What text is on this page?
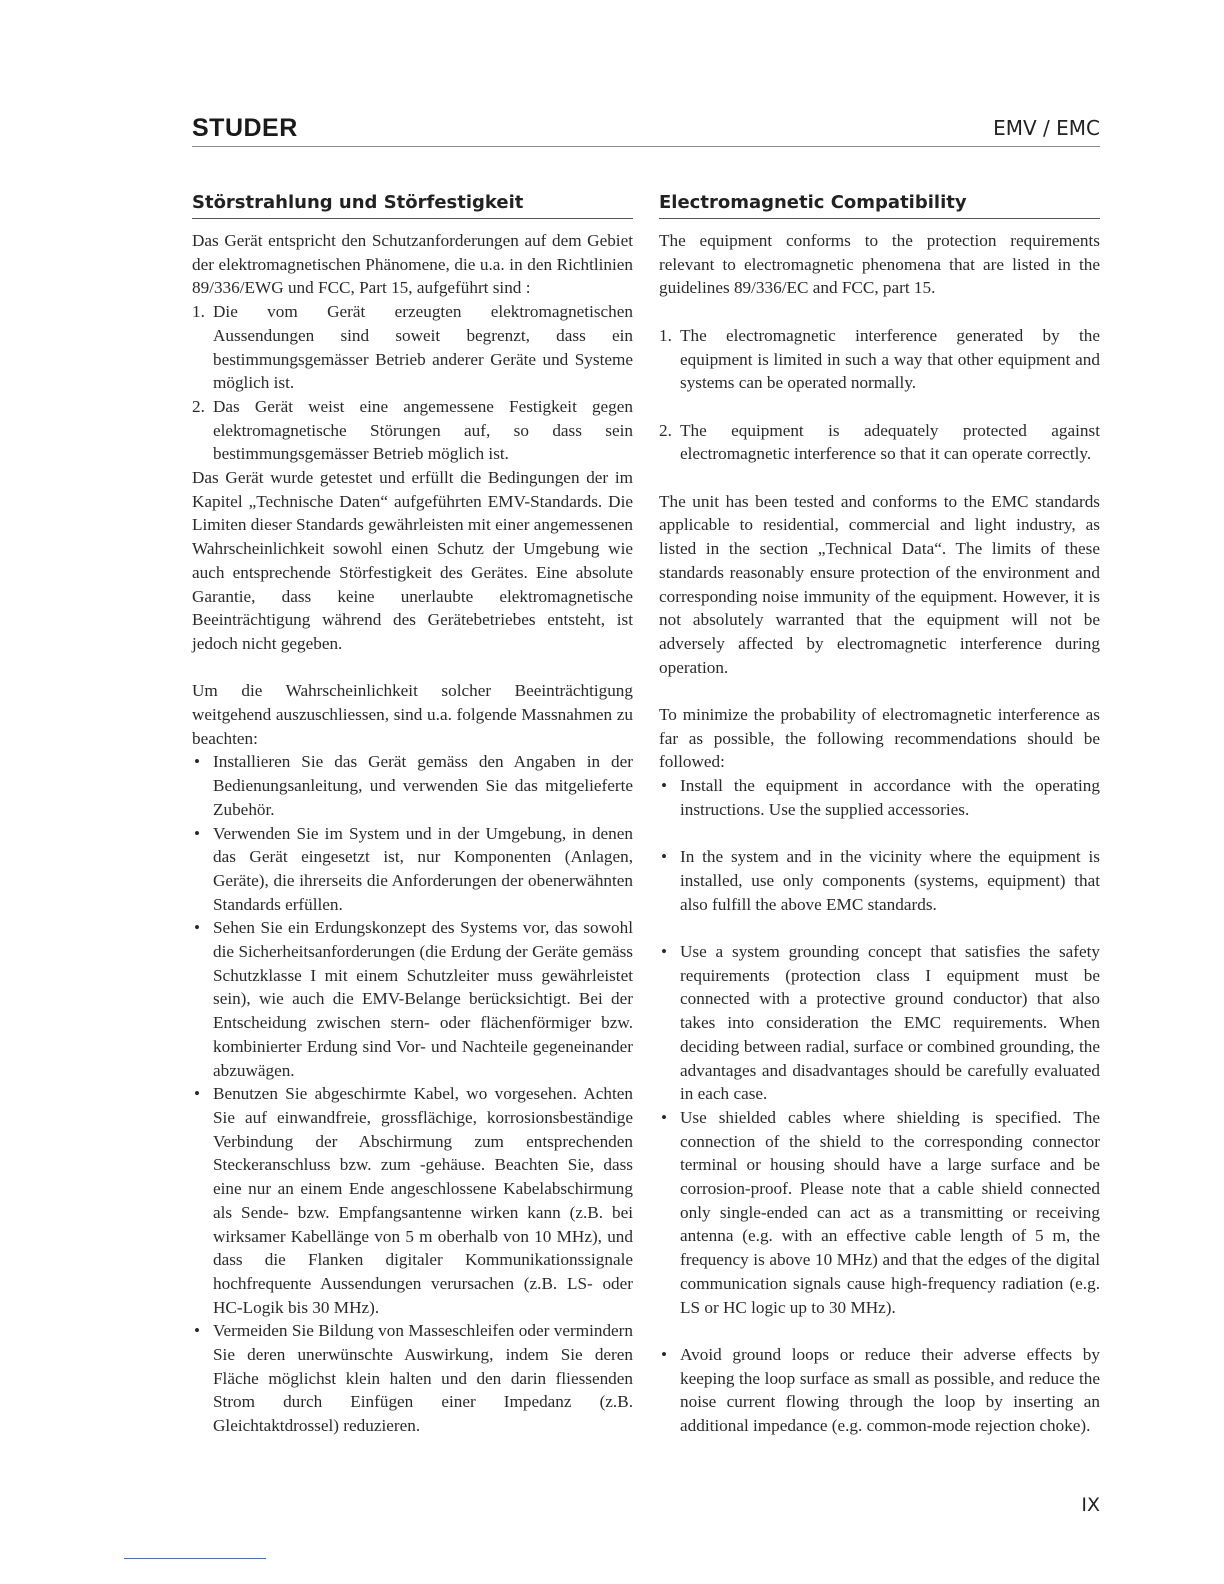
STUDER	EMV / EMC
Störstrahlung und Störfestigkeit

Das Gerät entspricht den Schutzanforderungen auf dem Gebiet der elektromagnetischen Phänomene, die u.a. in den Richtlinien 89/336/EWG und FCC, Part 15, aufgeführt sind :

1. Die vom Gerät erzeugten elektromagnetischen Aussendungen sind soweit begrenzt, dass ein bestimmungsgemässer Betrieb anderer Geräte und Systeme möglich ist.
2. Das Gerät weist eine angemessene Festigkeit gegen elektromagnetische Störungen auf, so dass sein bestimmungsgemässer Betrieb möglich ist.

Das Gerät wurde getestet und erfüllt die Bedingungen der im Kapitel „Technische Daten“ aufgeführten EMV-Standards. Die Limiten dieser Standards gewährleisten mit einer angemessenen Wahrscheinlichkeit sowohl einen Schutz der Umgebung wie auch entsprechende Störfestigkeit des Gerätes. Eine absolute Garantie, dass keine unerlaubte elektromagnetische Beeinträchtigung während des Gerätebetriebes entsteht, ist jedoch nicht gegeben.

Um die Wahrscheinlichkeit solcher Beeinträchtigung weitgehend auszuschliessen, sind u.a. folgende Massnahmen zu beachten:

• Installieren Sie das Gerät gemäss den Angaben in der Bedienungsanleitung, und verwenden Sie das mitgelieferte Zubehör.
• Verwenden Sie im System und in der Umgebung, in denen das Gerät eingesetzt ist, nur Komponenten (Anlagen, Geräte), die ihrerseits die Anforderungen der obenerwähnten Standards erfüllen.
• Sehen Sie ein Erdungskonzept des Systems vor, das sowohl die Sicherheitsanforderungen (die Erdung der Geräte gemäss Schutzklasse I mit einem Schutzleiter muss gewährleistet sein), wie auch die EMV-Belange berücksichtigt. Bei der Entscheidung zwischen stern- oder flächenförmiger bzw. kombinierter Erdung sind Vor- und Nachteile gegeneinander abzuwägen.
• Benutzen Sie abgeschirmte Kabel, wo vorgesehen. Achten Sie auf einwandfreie, grossflächige, korrosionsbeständige Verbindung der Abschirmung zum entsprechenden Steckeranschluss bzw. zum -gehäuse. Beachten Sie, dass eine nur an einem Ende angeschlossene Kabelabschirmung als Sende- bzw. Empfangsantenne wirken kann (z.B. bei wirksamer Kabellänge von 5 m oberhalb von 10 MHz), und dass die Flanken digitaler Kommunikationssignale hochfrequente Aussendungen verursachen (z.B. LS- oder HC-Logik bis 30 MHz).
• Vermeiden Sie Bildung von Masseschleifen oder vermindern Sie deren unerwünschte Auswirkung, indem Sie deren Fläche möglichst klein halten und den darin fliessenden Strom durch Einfügen einer Impedanz (z.B. Gleichtaktdrossel) reduzieren.
Electromagnetic Compatibility

The equipment conforms to the protection requirements relevant to electromagnetic phenomena that are listed in the guidelines 89/336/EC and FCC, part 15.

1. The electromagnetic interference generated by the equipment is limited in such a way that other equipment and systems can be operated normally.
2. The equipment is adequately protected against electromagnetic interference so that it can operate correctly.

The unit has been tested and conforms to the EMC standards applicable to residential, commercial and light industry, as listed in the section „Technical Data“. The limits of these standards reasonably ensure protection of the environment and corresponding noise immunity of the equipment. However, it is not absolutely warranted that the equipment will not be adversely affected by electromagnetic interference during operation.

To minimize the probability of electromagnetic interference as far as possible, the following recommendations should be followed:

• Install the equipment in accordance with the operating instructions. Use the supplied accessories.
• In the system and in the vicinity where the equipment is installed, use only components (systems, equipment) that also fulfill the above EMC standards.
• Use a system grounding concept that satisfies the safety requirements (protection class I equipment must be connected with a protective ground conductor) that also takes into consideration the EMC requirements. When deciding between radial, surface or combined grounding, the advantages and disadvantages should be carefully evaluated in each case.
• Use shielded cables where shielding is specified. The connection of the shield to the corresponding connector terminal or housing should have a large surface and be corrosion-proof. Please note that a cable shield connected only single-ended can act as a transmitting or receiving antenna (e.g. with an effective cable length of 5 m, the frequency is above 10 MHz) and that the edges of the digital communication signals cause high-frequency radiation (e.g. LS or HC logic up to 30 MHz).
• Avoid ground loops or reduce their adverse effects by keeping the loop surface as small as possible, and reduce the noise current flowing through the loop by inserting an additional impedance (e.g. common-mode rejection choke).
IX
